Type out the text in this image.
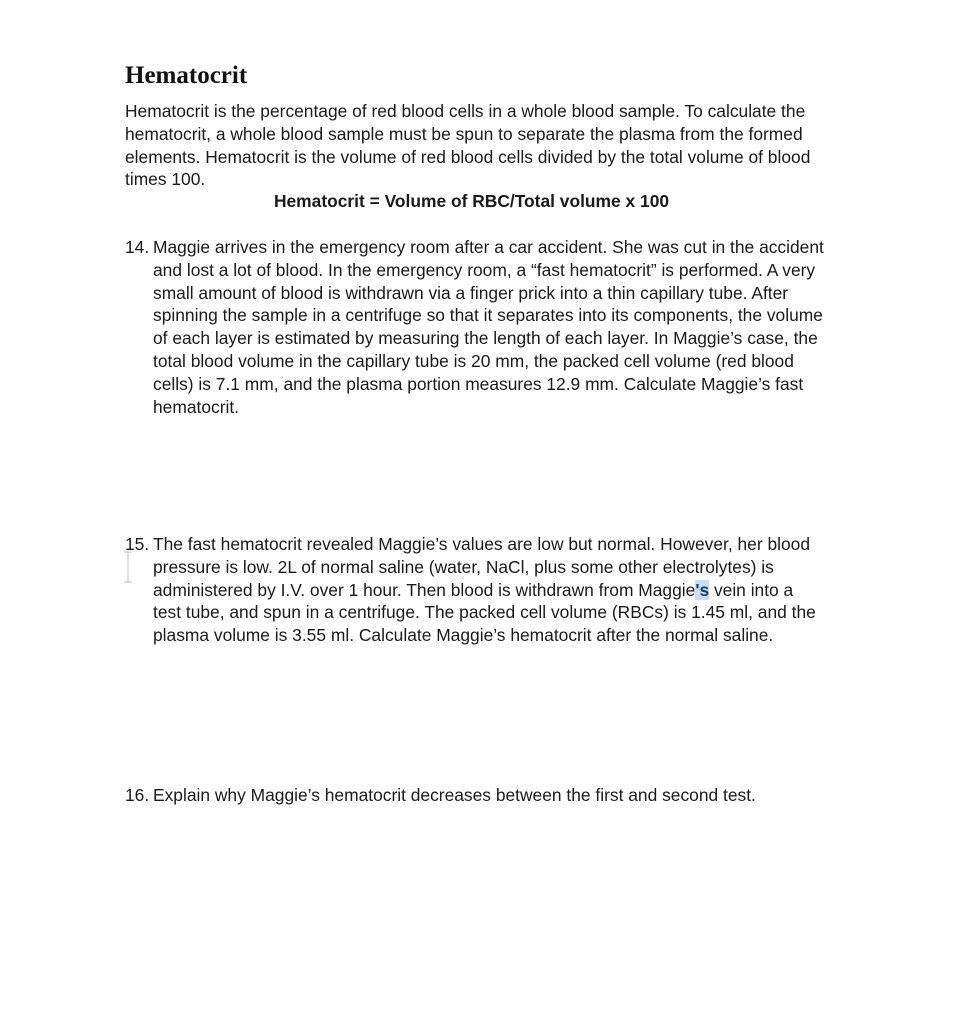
Hematocrit

Hematocrit is the percentage of red blood cells in a whole blood sample. To calculate the hematocrit, a whole blood sample must be spun to separate the plasma from the formed elements. Hematocrit is the volume of red blood cells divided by the total volume of blood times 100.

Hematocrit = Volume of RBC/Total volume x 100
14. Maggie arrives in the emergency room after a car accident. She was cut in the accident and lost a lot of blood. In the emergency room, a “fast hematocrit” is performed. A very small amount of blood is withdrawn via a finger prick into a thin capillary tube. After spinning the sample in a centrifuge so that it separates into its components, the volume of each layer is estimated by measuring the length of each layer. In Maggie’s case, the total blood volume in the capillary tube is 20 mm, the packed cell volume (red blood cells) is 7.1 mm, and the plasma portion measures 12.9 mm. Calculate Maggie’s fast hematocrit.
15. The fast hematocrit revealed Maggie’s values are low but normal. However, her blood pressure is low. 2L of normal saline (water, NaCl, plus some other electrolytes) is administered by I.V. over 1 hour. Then blood is withdrawn from Maggie's vein into a test tube, and spun in a centrifuge. The packed cell volume (RBCs) is 1.45 ml, and the plasma volume is 3.55 ml. Calculate Maggie’s hematocrit after the normal saline.
16. Explain why Maggie’s hematocrit decreases between the first and second test.
